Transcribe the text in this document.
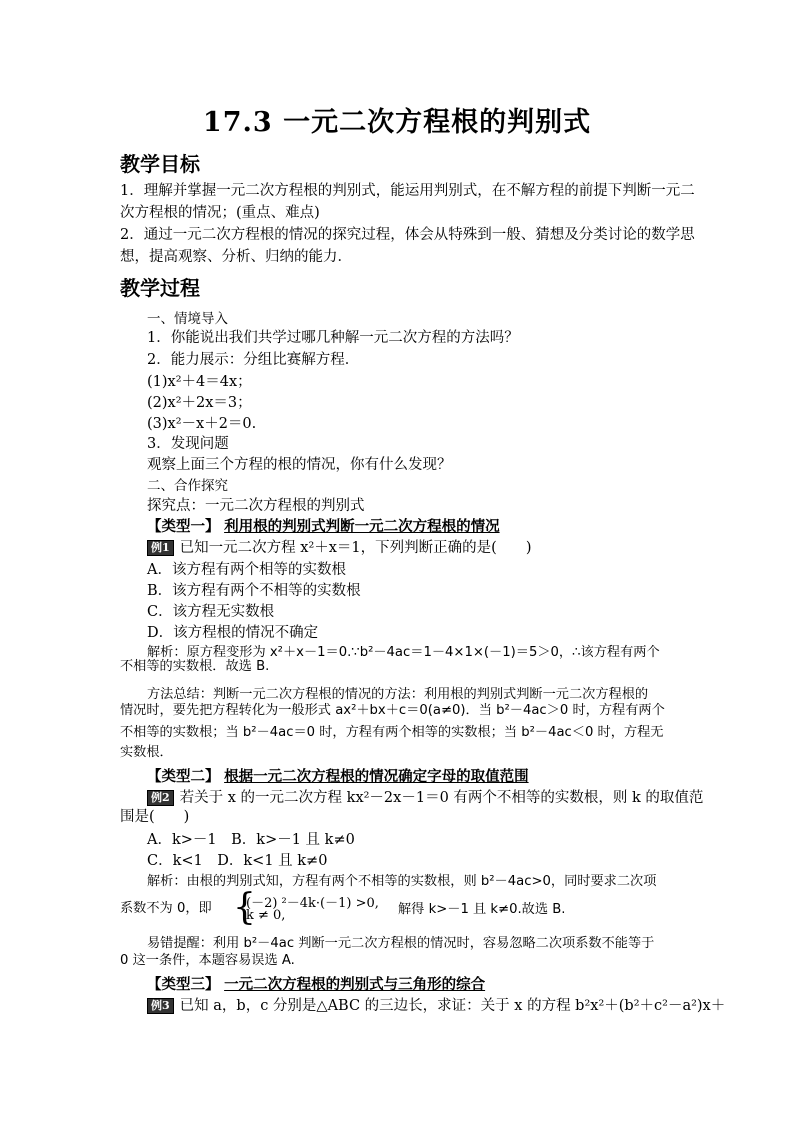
17.3 一元二次方程根的判别式
教学目标
1．理解并掌握一元二次方程根的判别式，能运用判别式，在不解方程的前提下判断一元二
次方程根的情况；(重点、难点)
2．通过一元二次方程根的情况的探究过程，体会从特殊到一般、猜想及分类讨论的数学思
想，提高观察、分析、归纳的能力．
教学过程
一、情境导入
1．你能说出我们共学过哪几种解一元二次方程的方法吗？
2．能力展示：分组比赛解方程．
(1)x²＋4＝4x；
(2)x²＋2x＝3；
(3)x²－x＋2＝0.
3．发现问题
观察上面三个方程的根的情况，你有什么发现？
二、合作探究
探究点：一元二次方程根的判别式
【类型一】 利用根的判别式判断一元二次方程根的情况
例1 已知一元二次方程 x²＋x＝1，下列判断正确的是(　　)
A．该方程有两个相等的实数根
B．该方程有两个不相等的实数根
C．该方程无实数根
D．该方程根的情况不确定
解析：原方程变形为 x²＋x－1＝0.∵b²－4ac＝1－4×1×(－1)＝5＞0，∴该方程有两个
不相等的实数根．故选 B.
方法总结：判断一元二次方程根的情况的方法：利用根的判别式判断一元二次方程根的
情况时，要先把方程转化为一般形式 ax²＋bx＋c＝0(a≠0)．当 b²－4ac＞0 时，方程有两个
不相等的实数根；当 b²－4ac＝0 时，方程有两个相等的实数根；当 b²－4ac＜0 时，方程无
实数根．
【类型二】 根据一元二次方程根的情况确定字母的取值范围
例2 若关于 x 的一元二次方程 kx²－2x－1＝0 有两个不相等的实数根，则 k 的取值范
围是(　　)
A．k>－1　B．k>－1 且 k≠0
C．k<1　D．k<1 且 k≠0
解析：由根的判别式知，方程有两个不相等的实数根，则 b²－4ac>0，同时要求二次项
系数不为 0，即 {
(－2) ²－4k·(－1) >0,
k ≠ 0,	解得 k>－1 且 k≠0.故选 B.
易错提醒：利用 b²－4ac 判断一元二次方程根的情况时，容易忽略二次项系数不能等于
0 这一条件，本题容易误选 A.
【类型三】 一元二次方程根的判别式与三角形的综合
例3 已知 a，b，c 分别是△ABC 的三边长，求证：关于 x 的方程 b²x²＋(b²＋c²－a²)x＋
